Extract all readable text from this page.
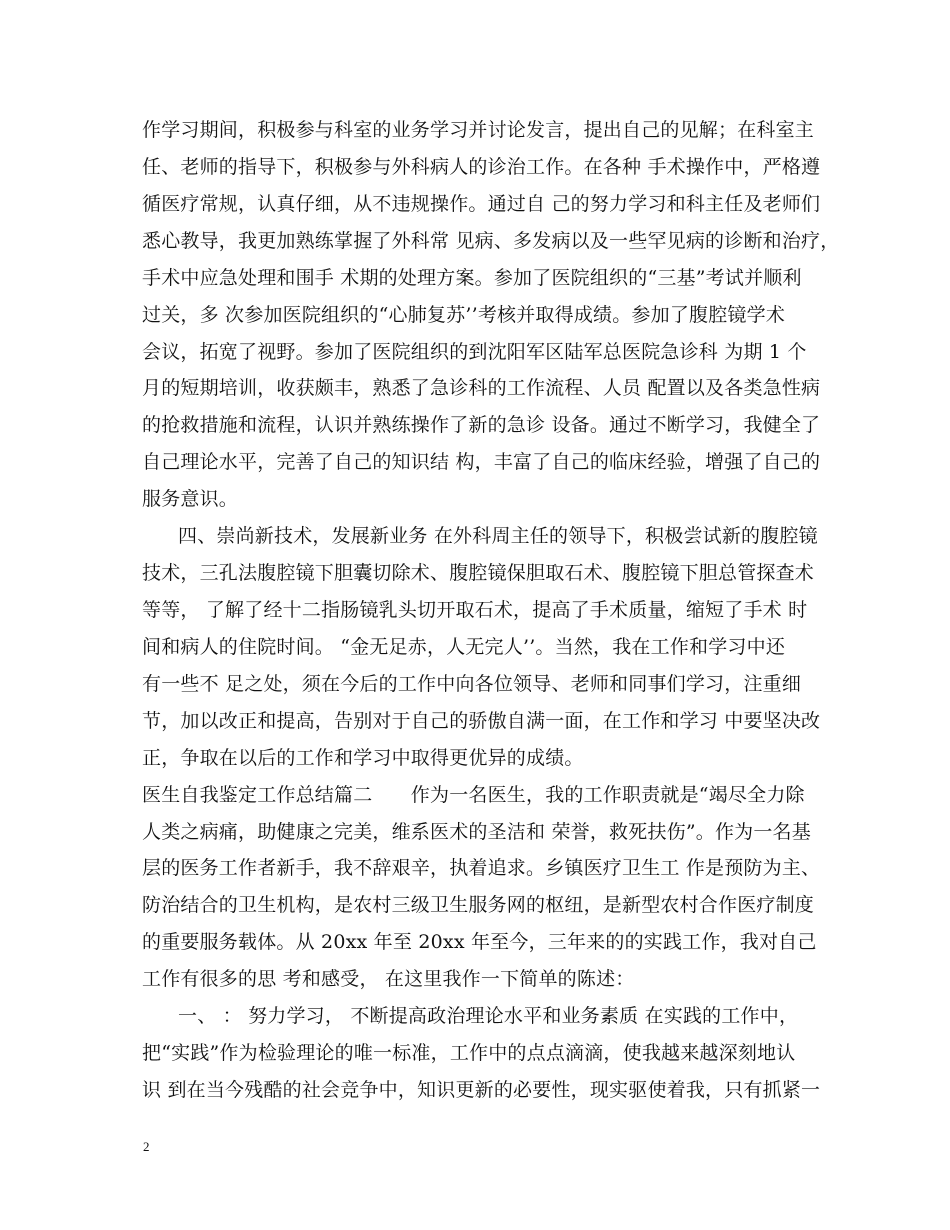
作学习期间，积极参与科室的业务学习并讨论发言，提出自己的见解；在科室主
任、老师的指导下，积极参与外科病人的诊治工作。在各种 手术操作中，严格遵
循医疗常规，认真仔细，从不违规操作。通过自 己的努力学习和科主任及老师们
悉心教导，我更加熟练掌握了外科常 见病、多发病以及一些罕见病的诊断和治疗，
手术中应急处理和围手 术期的处理方案。参加了医院组织的“三基”考试并顺利
过关，多 次参加医院组织的“心肺复苏’’考核并取得成绩。参加了腹腔镜学术
会议，拓宽了视野。参加了医院组织的到沈阳军区陆军总医院急诊科 为期 1 个
月的短期培训，收获颇丰，熟悉了急诊科的工作流程、人员 配置以及各类急性病
的抢救措施和流程，认识并熟练操作了新的急诊 设备。通过不断学习，我健全了
自己理论水平，完善了自己的知识结 构，丰富了自己的临床经验，增强了自己的
服务意识。
四、崇尚新技术，发展新业务 在外科周主任的领导下，积极尝试新的腹腔镜
技术，三孔法腹腔镜下胆囊切除术、腹腔镜保胆取石术、腹腔镜下胆总管探查术
等等， 了解了经十二指肠镜乳头切开取石术，提高了手术质量，缩短了手术 时
间和病人的住院时间。 “金无足赤，人无完人’’。当然，我在工作和学习中还
有一些不 足之处，须在今后的工作中向各位领导、老师和同事们学习，注重细
节，加以改正和提高，告别对于自己的骄傲自满一面，在工作和学习 中要坚决改
正，争取在以后的工作和学习中取得更优异的成绩。
医生自我鉴定工作总结篇二　　作为一名医生，我的工作职责就是“竭尽全力除
人类之病痛，助健康之完美，维系医术的圣洁和 荣誉，救死扶伤”。作为一名基
层的医务工作者新手，我不辞艰辛，执着追求。乡镇医疗卫生工 作是预防为主、
防治结合的卫生机构，是农村三级卫生服务网的枢纽，是新型农村合作医疗制度
的重要服务载体。从 20xx 年至 20xx 年至今，三年来的的实践工作，我对自己
工作有很多的思 考和感受， 在这里我作一下简单的陈述：
一、 ： 努力学习， 不断提高政治理论水平和业务素质 在实践的工作中，
把“实践”作为检验理论的唯一标准，工作中的点点滴滴，使我越来越深刻地认
识 到在当今残酷的社会竞争中，知识更新的必要性，现实驱使着我，只有抓紧一
2
